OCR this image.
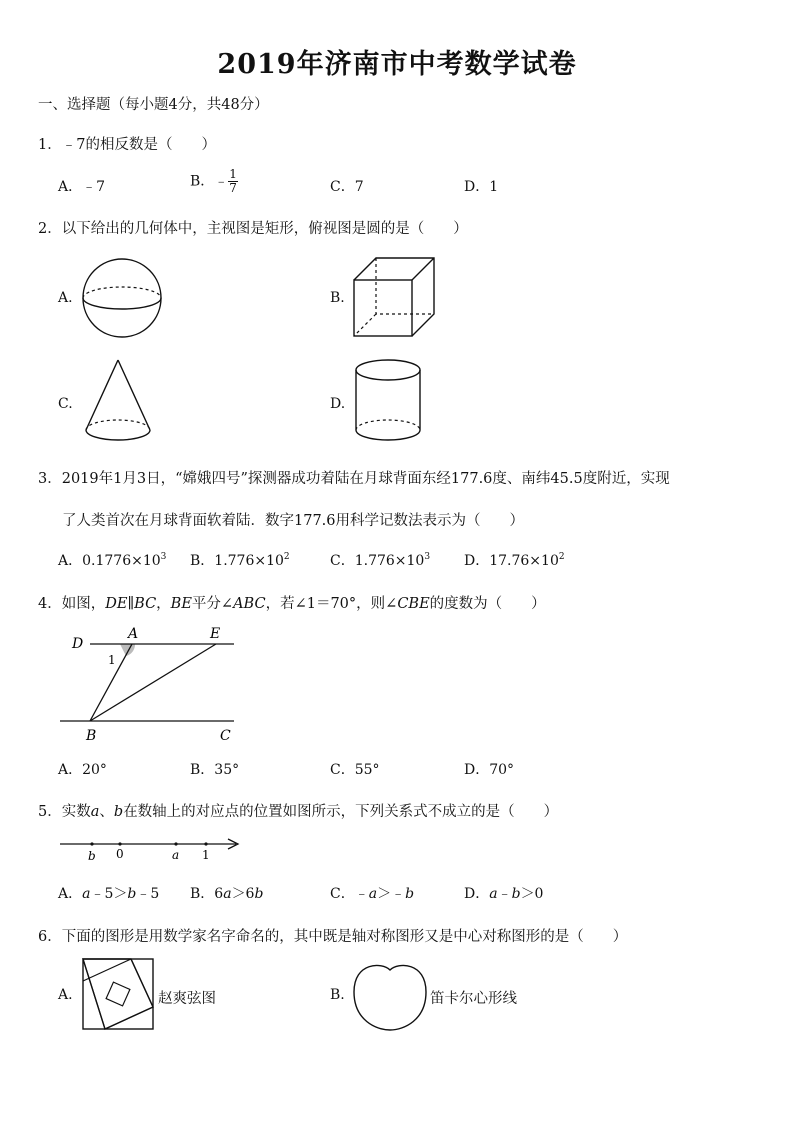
2019年济南市中考数学试卷
一、选择题（每小题4分，共48分）
1．﹣7的相反数是（　　）
A．﹣7	B．﹣ $\frac{1}{7}$	C．7	D．1
2．以下给出的几何体中，主视图是矩形，俯视图是圆的是（　　）
A.	B.
C.	D.
3．2019年1月3日，“嫦娥四号”探测器成功着陆在月球背面东经177.6度、南纬45.5度附近，实现
了人类首次在月球背面软着陆．数字177.6用科学记数法表示为（　　）
A．$0.1776\times 10^3$ B．$1.776\times 10^2$	C．$1.776\times 10^3$ D．$17.76\times 10^2$
4．如图，DE∥BC，BE平分∠ABC，若∠1＝70°，则∠CBE的度数为（　　）
D
A	E
1
B	C
A．20°	B．35°	C．55°	D．70°
5．实数a、b在数轴上的对应点的位置如图所示，下列关系式不成立的是（　　）
b 0	a 1
A．a﹣5＞b﹣5 B．6a＞6b	C．﹣a＞﹣b	D．a﹣b＞0
6．下面的图形是用数学家名字命名的，其中既是轴对称图形又是中心对称图形的是（　　）
A.	赵爽弦图	B.	笛卡尔心形线
